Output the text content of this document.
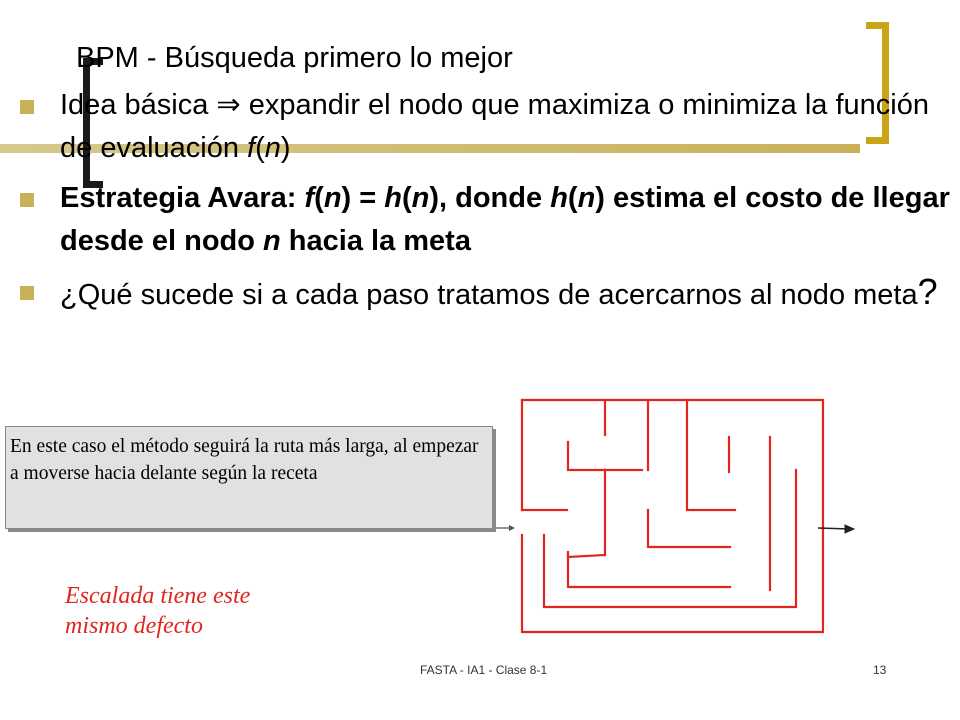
BPM - Búsqueda primero lo mejor
Idea básica ⇒ expandir el nodo que maximiza o minimiza la función de evaluación f(n)
Estrategia Avara: f(n) = h(n), donde h(n) estima el costo de llegar desde el nodo n hacia la meta
¿Qué sucede si a cada paso tratamos de acercarnos al nodo meta?
En este caso el método seguirá la ruta más larga, al empezar a moverse hacia delante según la receta
Escalada tiene este
mismo defecto
FASTA - IA1 - Clase 8-1	13
